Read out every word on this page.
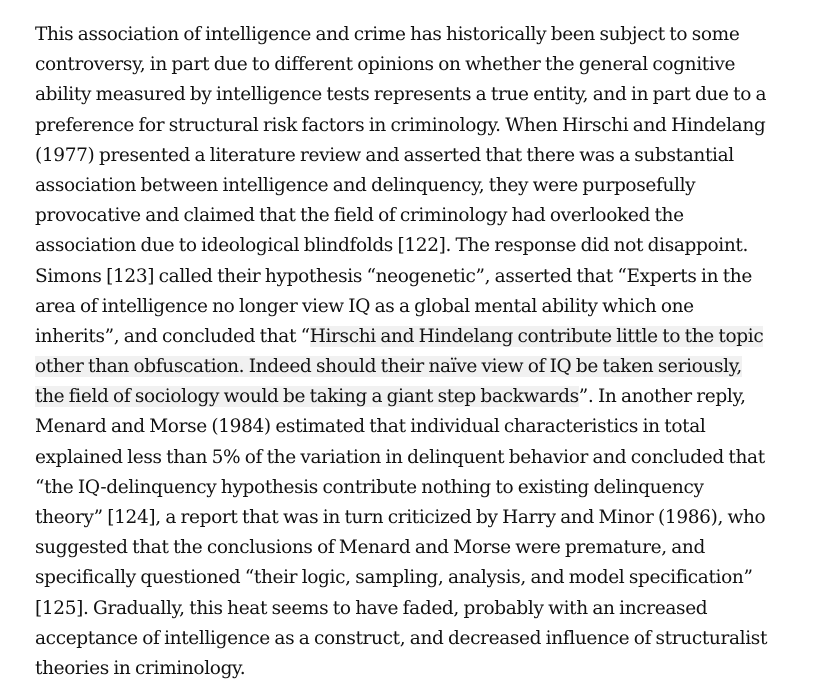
This association of intelligence and crime has historically been subject to some
controversy, in part due to different opinions on whether the general cognitive
ability measured by intelligence tests represents a true entity, and in part due to a
preference for structural risk factors in criminology. When Hirschi and Hindelang
(1977) presented a literature review and asserted that there was a substantial
association between intelligence and delinquency, they were purposefully
provocative and claimed that the field of criminology had overlooked the
association due to ideological blindfolds [122]. The response did not disappoint.
Simons [123] called their hypothesis “neogenetic”, asserted that “Experts in the
area of intelligence no longer view IQ as a global mental ability which one
inherits”, and concluded that “Hirschi and Hindelang contribute little to the topic
other than obfuscation. Indeed should their naïve view of IQ be taken seriously,
the field of sociology would be taking a giant step backwards”. In another reply,
Menard and Morse (1984) estimated that individual characteristics in total
explained less than 5% of the variation in delinquent behavior and concluded that
“the IQ-delinquency hypothesis contribute nothing to existing delinquency
theory” [124], a report that was in turn criticized by Harry and Minor (1986), who
suggested that the conclusions of Menard and Morse were premature, and
specifically questioned “their logic, sampling, analysis, and model specification”
[125]. Gradually, this heat seems to have faded, probably with an increased
acceptance of intelligence as a construct, and decreased influence of structuralist
theories in criminology.
